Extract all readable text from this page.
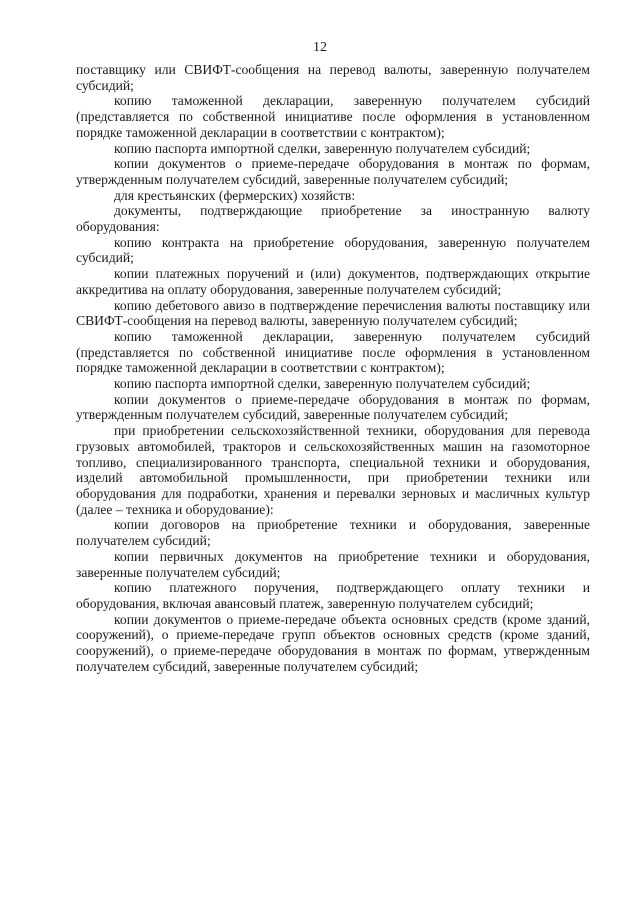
12

поставщику или СВИФТ-сообщения на перевод валюты, заверенную получателем субсидий;

копию таможенной декларации, заверенную получателем субсидий (представляется по собственной инициативе после оформления в установленном порядке таможенной декларации в соответствии с контрактом);

копию паспорта импортной сделки, заверенную получателем субсидий;

копии документов о приеме-передаче оборудования в монтаж по формам, утвержденным получателем субсидий, заверенные получателем субсидий;

для крестьянских (фермерских) хозяйств:

документы, подтверждающие приобретение за иностранную валюту оборудования:

копию контракта на приобретение оборудования, заверенную получателем субсидий;

копии платежных поручений и (или) документов, подтверждающих открытие аккредитива на оплату оборудования, заверенные получателем субсидий;

копию дебетового авизо в подтверждение перечисления валюты поставщику или СВИФТ-сообщения на перевод валюты, заверенную получателем субсидий;

копию таможенной декларации, заверенную получателем субсидий (представляется по собственной инициативе после оформления в установленном порядке таможенной декларации в соответствии с контрактом);

копию паспорта импортной сделки, заверенную получателем субсидий;

копии документов о приеме-передаче оборудования в монтаж по формам, утвержденным получателем субсидий, заверенные получателем субсидий;

при приобретении сельскохозяйственной техники, оборудования для перевода грузовых автомобилей, тракторов и сельскохозяйственных машин на газомоторное топливо, специализированного транспорта, специальной техники и оборудования, изделий автомобильной промышленности, при приобретении техники или оборудования для подработки, хранения и перевалки зерновых и масличных культур (далее – техника и оборудование):

копии договоров на приобретение техники и оборудования, заверенные получателем субсидий;

копии первичных документов на приобретение техники и оборудования, заверенные получателем субсидий;

копию платежного поручения, подтверждающего оплату техники и оборудования, включая авансовый платеж, заверенную получателем субсидий;

копии документов о приеме-передаче объекта основных средств (кроме зданий, сооружений), о приеме-передаче групп объектов основных средств (кроме зданий, сооружений), о приеме-передаче оборудования в монтаж по формам, утвержденным получателем субсидий, заверенные получателем субсидий;
